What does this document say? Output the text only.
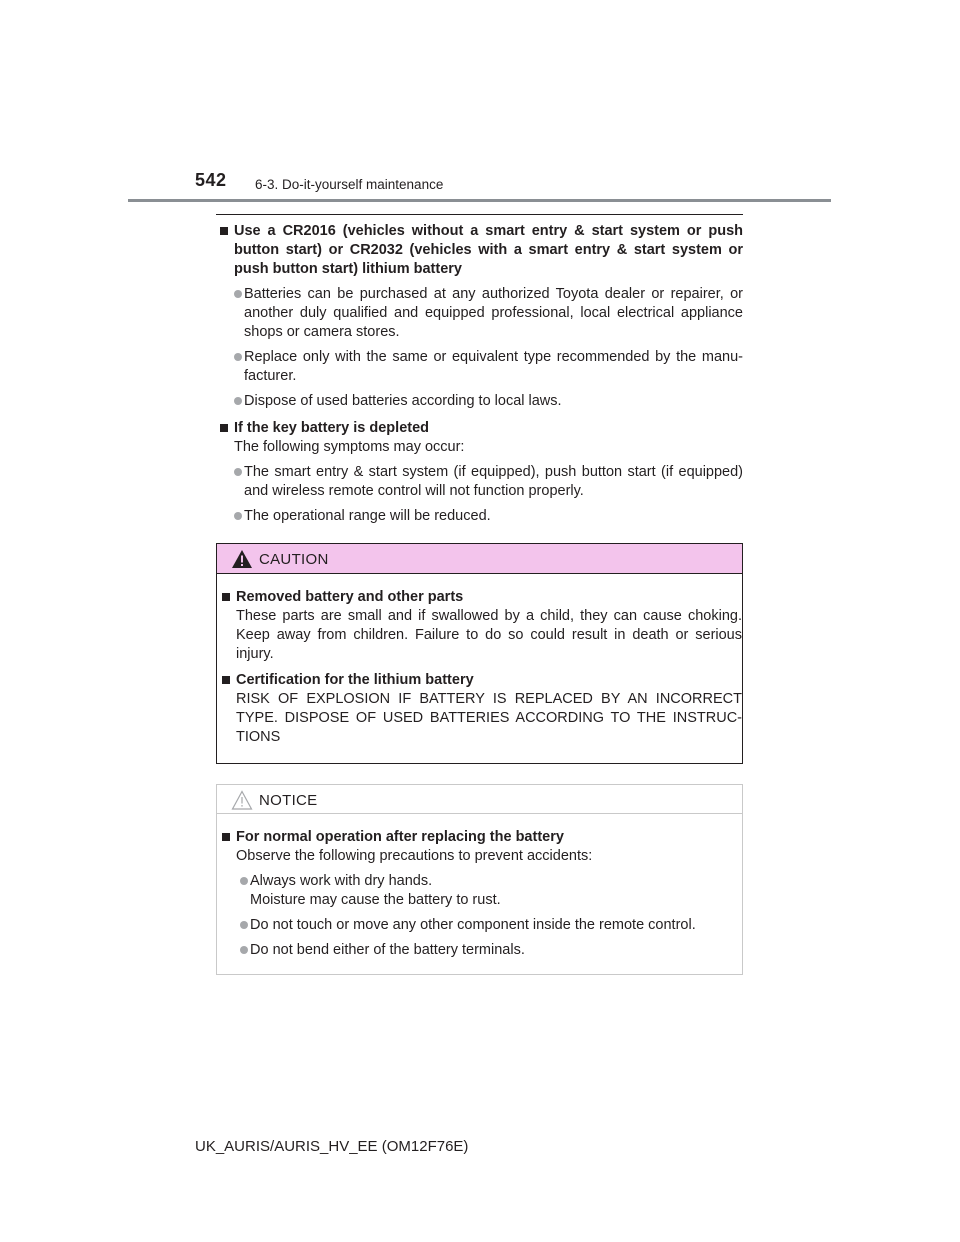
542 6-3. Do-it-yourself maintenance
Use a CR2016 (vehicles without a smart entry & start system or push button start) or CR2032 (vehicles with a smart entry & start system or push button start) lithium battery
Batteries can be purchased at any authorized Toyota dealer or repairer, or another duly qualified and equipped professional, local electrical appliance shops or camera stores.
Replace only with the same or equivalent type recommended by the manu-facturer.
Dispose of used batteries according to local laws.
If the key battery is depleted
The following symptoms may occur:
The smart entry & start system (if equipped), push button start (if equipped) and wireless remote control will not function properly.
The operational range will be reduced.
CAUTION
Removed battery and other parts
These parts are small and if swallowed by a child, they can cause choking. Keep away from children. Failure to do so could result in death or serious injury.
Certification for the lithium battery
RISK OF EXPLOSION IF BATTERY IS REPLACED BY AN INCORRECT TYPE. DISPOSE OF USED BATTERIES ACCORDING TO THE INSTRUC-TIONS
NOTICE
For normal operation after replacing the battery
Observe the following precautions to prevent accidents:
Always work with dry hands.
Moisture may cause the battery to rust.
Do not touch or move any other component inside the remote control.
Do not bend either of the battery terminals.
UK_AURIS/AURIS_HV_EE (OM12F76E)
